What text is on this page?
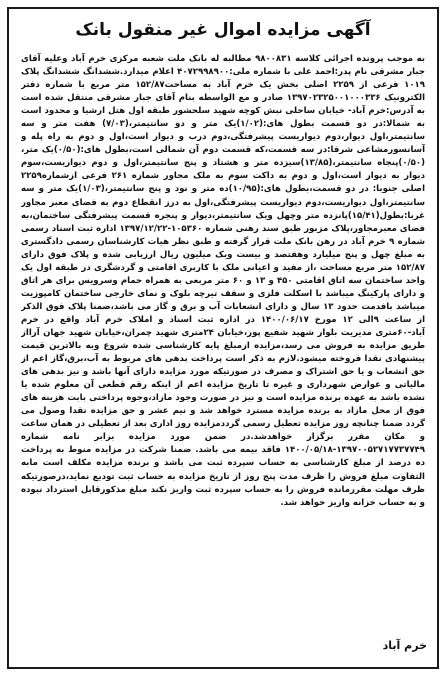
آگهی مزایده اموال غیر منقول بانک
به موجب پرونده اجرائی کلاسه ۹۸۰۰۸۳۱ مطالبه له بانک ملت شعبه مرکزی خرم آباد وعلیه آقای جبار مشرقی نام پدر:احمد علی با شماره ملی:۴۰۷۲۹۹۸۹۰۰ اعلام میدارد.ششدانگ ششدانگ پلاک ۱۰۱۹ فرعی از ۲۲۵۹ اصلی بخش یک خرم آباد به مساحت۱۵۲/۸۷ متر مربع با شماره دفتر الکترونیک ۱۳۹۷۰۲۳۲۵۰۰۱۰۰۰۳۳۶ صادر و مع الواسطه بنام آقای جبار مشرقی منتقل شده است به آدرس:خرم آباد- خیابان ساحلی نبش کوچه شهید سلحشور طبقه اول هتل ارشیا و محدود است به شمالا:در دو قسمت بطول های:(۱/۰۲)یک متر و دو سانتیمتر،(۷/۰۳) هفت متر و سه سانتیمتر،اول دیوار،دوم دیواریست پیشرفتگی،دوم درب و دیوار است،اول و دوم به راه پله و آسانسورمشاعی شرقا:در سه قسمت،که قسمت دوم آن شمالی است،بطول های:(۰/۵۰)یک متر،(۰/۵۰)پنجاه سانتیمتر،(۱۳/۸۵)سیزده متر و هشتاد و پنج سانتیمتر،اول و دوم دیواریست،سوم دیوار به دیوار است،اول و دوم به داکت سوم به ملک مجاور شماره ۲۶۱ فرعی ازشماره۲۲۵۹ اصلی جنوبا: در دو قسمت،بطول های:(۱۰/۹۵)ده متر و نود و پنج سانتیمتر،(۱/۰۳)یک متر و سه سانتیمتر،اول دیواریست،دوم دیواریست پیشرفتگی،اول به درز انقطاع دوم به فضای معبر مجاور غربا:بطول(۱۵/۴۱)پانزده متر وچهل ویک سانتیمتر،دیوار و پنجره قسمت پیشرفتگی ساختمان،به فضای معبرمجاور،پلاک مزبور طبق سند رهنی شماره ۱۰۵۳۶۰-۱۳۹۷/۱۲/۲۲ اداره ثبت اسناد رسمی شماره ۹ خرم آباد در رهن بانک ملت قرار گرفته و طبق نظر هیات کارشناسان رسمی دادگستری به مبلغ چهل و پنج میلیارد وهفتصد و بیست ویک میلیون ریال ارزیابی شده و پلاک فوق دارای ۱۵۲/۸۷ متر مربع مساحت ،از مفید و اعیانی ملک با کاربری اقامتی و گردشگری در طبقه اول یک واحد ساختمان سه اتاق اقامتی ۴۵۰ و ۱۳ و ۶۰ متر مربعی به همراه حمام وسرویس برای هر اتاق و دارای پارکینگ میباشد با اسکلت فلزی و سقف تیرچه بلوک و نمای خارجی ساختمان کامپوزیت میباشد بافدمت حدود ۱۳ سال و دارای انشعابات آب و برق و گاز می باشد،ضمنا پلاک فوق الذکر از ساعت ۹الی ۱۲ مورخ ۱۴۰۰/۰۶/۱۷ در اداره ثبت اسناد و املاک خرم آباد واقع در خرم آباد-۶۰متری مدیریت بلوار شهید شفیع پور،خیابان ۲۴متری شهید چمران،خیابان شهید جهان آرااز طریق مزایده به فروش می رسد،مزایده ازمبلغ پایه کارشناسی شده شروع وبه بالاترین قیمت پیشنهادی نقدا فروخته میشود.لازم به ذکر است پرداخت بدهی های مربوط به آب،برق،گاز اعم از حق انشعاب و یا حق اشتراک و مصرف در صورتیکه مورد مزایده دارای آنها باشد و نیز بدهی های مالیاتی و عوارض شهرداری و غیره تا تاریخ مزایده اعم از اینکه رقم قطعی آن معلوم شده یا نشده باشد به عهده برنده مزایده است و نیز در صورت وجود مازاد،وجوه پرداختی بابت هزینه های فوق از محل مازاد به برنده مزایده مسترد خواهد شد و نیم عشر و حق مزایده نقدا وصول می گردد ضمنا چنانچه روز مزایده تعطیل رسمی گرددمزایده روز اداری بعد از تعطیلی در همان ساعت و مکان مقرر برگزار خواهدشد.در ضمن مورد مزایده برابر نامه شماره ۱۳۹۷۰۰۵۲۷۱۷۷۳۷۷۴۹-۱۴۰۰/۰۵/۱۸ فاقد بیمه می باشد. ضمنا شرکت در مزایده منوط به پرداخت ده درصد از مبلغ کارشناسی به حساب سپرده ثبت می باشد و برنده مزایده مکلف است مابه التفاوت مبلغ فروش را ظرف مدت پنج روز از تاریخ مزایده به حساب ثبت تودیع نماید،درصورتیکه ظرف مهلت مقررمانده فروش را به حساب سپرده ثبت واریز نکند مبلغ مذکورقابل استرداد نبوده و به حساب خزانه واریز خواهد شد.
خرم آباد
